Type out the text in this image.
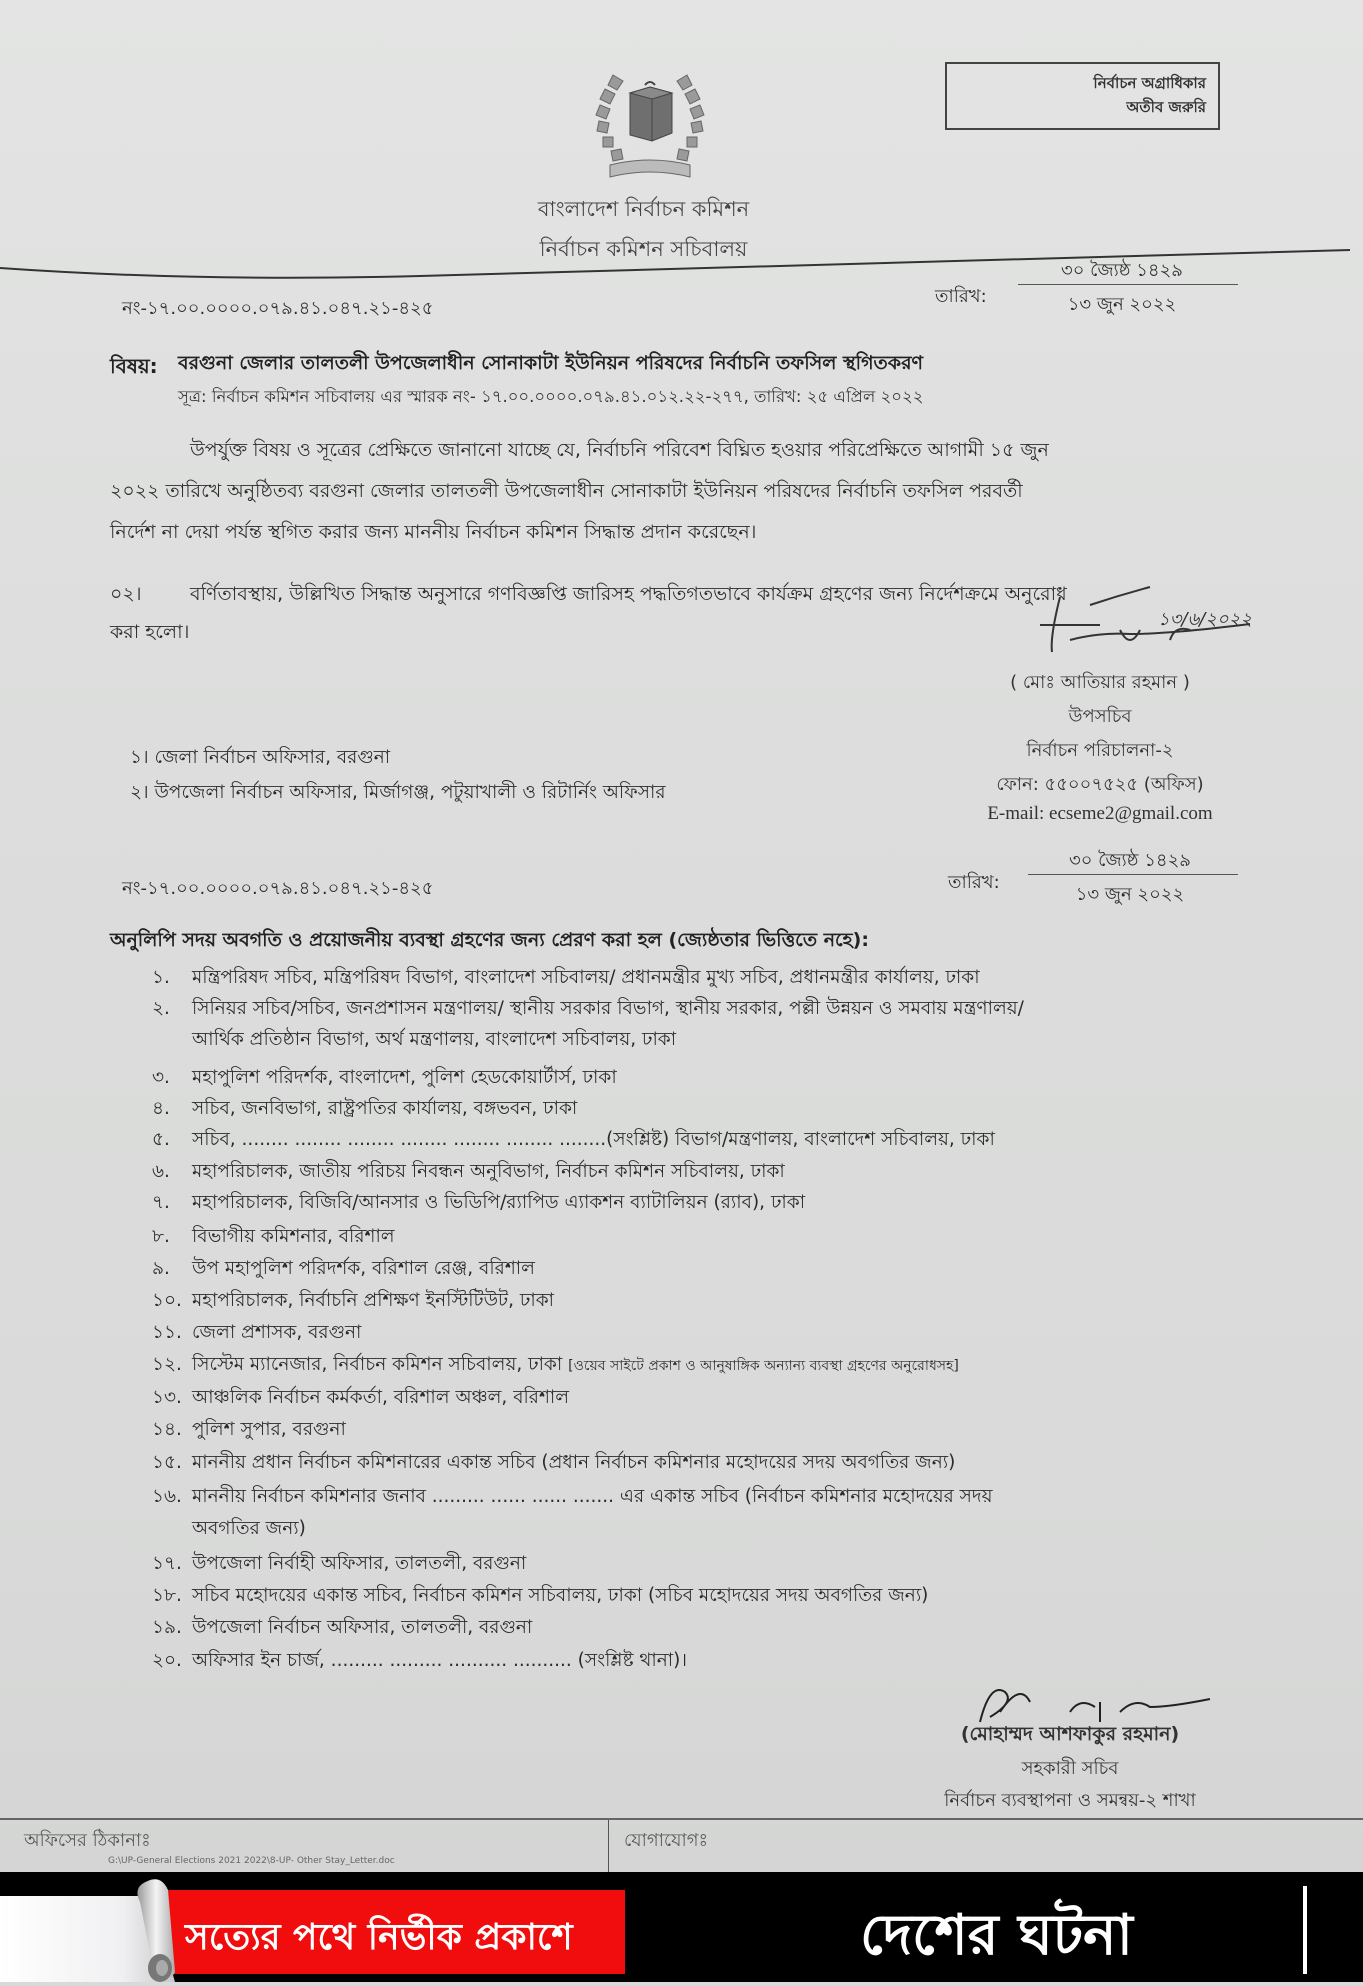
নির্বাচন অগ্রাধিকার
অতীব জরুরি
বাংলাদেশ নির্বাচন কমিশন
নির্বাচন কমিশন সচিবালয়
নং-১৭.০০.০০০০.০৭৯.৪১.০৪৭.২১-৪২৫
তারিখ:
৩০ জ্যৈষ্ঠ ১৪২৯
১৩ জুন ২০২২
বিষয়: বরগুনা জেলার তালতলী উপজেলাধীন সোনাকাটা ইউনিয়ন পরিষদের নির্বাচনি তফসিল স্থগিতকরণ
সূত্র: নির্বাচন কমিশন সচিবালয় এর স্মারক নং- ১৭.০০.০০০০.০৭৯.৪১.০১২.২২-২৭৭, তারিখ: ২৫ এপ্রিল ২০২২
উপর্যুক্ত বিষয় ও সূত্রের প্রেক্ষিতে জানানো যাচ্ছে যে, নির্বাচনি পরিবেশ বিঘ্নিত হওয়ার পরিপ্রেক্ষিতে আগামী ১৫ জুন
২০২২ তারিখে অনুষ্ঠিতব্য বরগুনা জেলার তালতলী উপজেলাধীন সোনাকাটা ইউনিয়ন পরিষদের নির্বাচনি তফসিল পরবর্তী
নির্দেশ না দেয়া পর্যন্ত স্থগিত করার জন্য মাননীয় নির্বাচন কমিশন সিদ্ধান্ত প্রদান করেছেন।
০২।	বর্ণিতাবস্থায়, উল্লিখিত সিদ্ধান্ত অনুসারে গণবিজ্ঞপ্তি জারিসহ পদ্ধতিগতভাবে কার্যক্রম গ্রহণের জন্য নির্দেশক্রমে অনুরোধ
করা হলো।
১৩/৬/২০২২
( মোঃ আতিয়ার রহমান )
উপসচিব
নির্বাচন পরিচালনা-২
ফোন: ৫৫০০৭৫২৫ (অফিস)
E-mail: ecseme2@gmail.com
১। জেলা নির্বাচন অফিসার, বরগুনা
২। উপজেলা নির্বাচন অফিসার, মির্জাগঞ্জ, পটুয়াখালী ও রিটার্নিং অফিসার
নং-১৭.০০.০০০০.০৭৯.৪১.০৪৭.২১-৪২৫	তারিখ:
৩০ জ্যৈষ্ঠ ১৪২৯
১৩ জুন ২০২২
অনুলিপি সদয় অবগতি ও প্রয়োজনীয় ব্যবস্থা গ্রহণের জন্য প্রেরণ করা হল (জ্যেষ্ঠতার ভিত্তিতে নহে):
১. মন্ত্রিপরিষদ সচিব, মন্ত্রিপরিষদ বিভাগ, বাংলাদেশ সচিবালয়/ প্রধানমন্ত্রীর মুখ্য সচিব, প্রধানমন্ত্রীর কার্যালয়, ঢাকা
২. সিনিয়র সচিব/সচিব, জনপ্রশাসন মন্ত্রণালয়/ স্থানীয় সরকার বিভাগ, স্থানীয় সরকার, পল্লী উন্নয়ন ও সমবায় মন্ত্রণালয়/
আর্থিক প্রতিষ্ঠান বিভাগ, অর্থ মন্ত্রণালয়, বাংলাদেশ সচিবালয়, ঢাকা
৩. মহাপুলিশ পরিদর্শক, বাংলাদেশ, পুলিশ হেডকোয়ার্টার্স, ঢাকা
৪. সচিব, জনবিভাগ, রাষ্ট্রপতির কার্যালয়, বঙ্গভবন, ঢাকা
৫. সচিব, ........ ........ ........ ........ ........ ........ ........(সংশ্লিষ্ট) বিভাগ/মন্ত্রণালয়, বাংলাদেশ সচিবালয়, ঢাকা
৬. মহাপরিচালক, জাতীয় পরিচয় নিবন্ধন অনুবিভাগ, নির্বাচন কমিশন সচিবালয়, ঢাকা
৭. মহাপরিচালক, বিজিবি/আনসার ও ভিডিপি/র‍্যাপিড এ্যাকশন ব্যাটালিয়ন (র‍্যাব), ঢাকা
৮. বিভাগীয় কমিশনার, বরিশাল
৯. উপ মহাপুলিশ পরিদর্শক, বরিশাল রেঞ্জ, বরিশাল
১০. মহাপরিচালক, নির্বাচনি প্রশিক্ষণ ইনস্টিটিউট, ঢাকা
১১. জেলা প্রশাসক, বরগুনা
১২. সিস্টেম ম্যানেজার, নির্বাচন কমিশন সচিবালয়, ঢাকা [ওয়েব সাইটে প্রকাশ ও আনুষাঙ্গিক অন্যান্য ব্যবস্থা গ্রহণের অনুরোধসহ]
১৩. আঞ্চলিক নির্বাচন কর্মকর্তা, বরিশাল অঞ্চল, বরিশাল
১৪. পুলিশ সুপার, বরগুনা
১৫. মাননীয় প্রধান নির্বাচন কমিশনারের একান্ত সচিব (প্রধান নির্বাচন কমিশনার মহোদয়ের সদয় অবগতির জন্য)
১৬. মাননীয় নির্বাচন কমিশনার জনাব ......... ...... ...... ....... এর একান্ত সচিব (নির্বাচন কমিশনার মহোদয়ের সদয়
অবগতির জন্য)
১৭. উপজেলা নির্বাহী অফিসার, তালতলী, বরগুনা
১৮. সচিব মহোদয়ের একান্ত সচিব, নির্বাচন কমিশন সচিবালয়, ঢাকা (সচিব মহোদয়ের সদয় অবগতির জন্য)
১৯. উপজেলা নির্বাচন অফিসার, তালতলী, বরগুনা
২০. অফিসার ইন চার্জ, ......... ......... .......... .......... (সংশ্লিষ্ট থানা)।
(মোহাম্মদ আশফাকুর রহমান)
সহকারী সচিব
নির্বাচন ব্যবস্থাপনা ও সমন্বয়-২ শাখা
অফিসের ঠিকানাঃ
G:\UP-General Elections 2021 2022\8-UP- Other Stay_Letter.doc
যোগাযোগঃ
সত্যের পথে নির্ভীক প্রকাশে	দেশের ঘটনা
